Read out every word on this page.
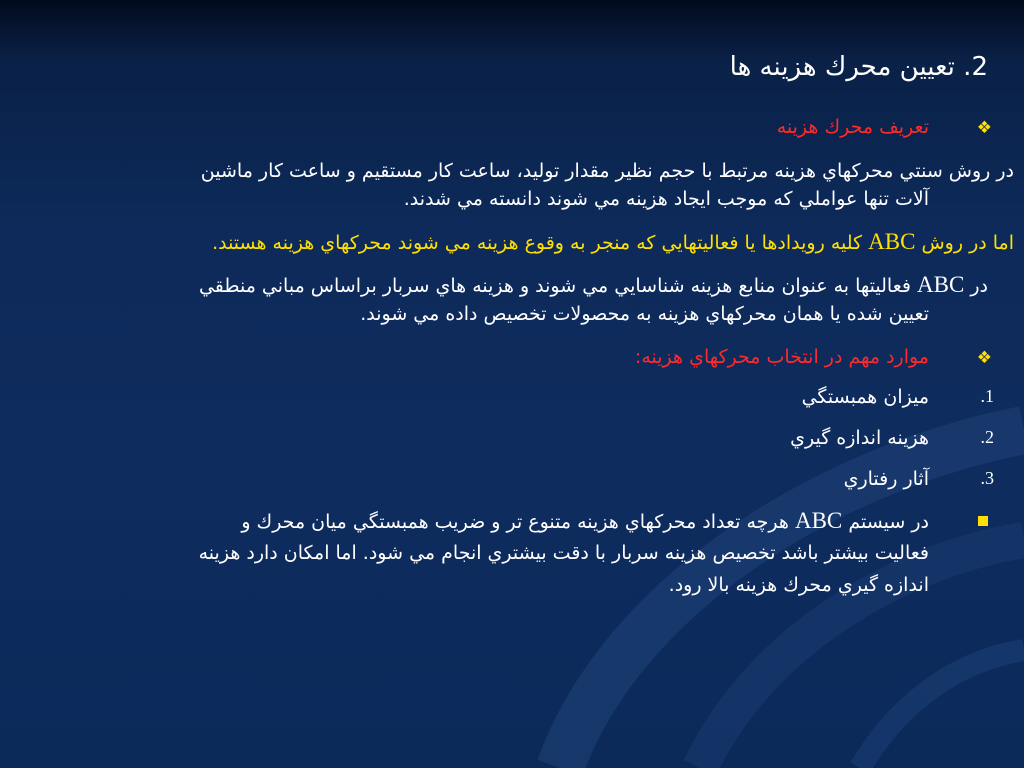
2. تعيين محرك هزينه ها
❖
تعريف محرك هزينه
در روش سنتي محركهاي هزينه مرتبط با حجم نظير مقدار توليد، ساعت كار مستقيم و ساعت كار ماشين
آلات تنها عواملي كه موجب ايجاد هزينه مي شوند دانسته مي شدند.
اما در روش ABC كليه رويدادها يا فعاليتهايي كه منجر به وقوع هزينه مي شوند محركهاي هزينه هستند.
در ABC فعاليتها به عنوان منابع هزينه شناسايي مي شوند و هزينه هاي سربار براساس مباني منطقي
تعيين شده يا همان محركهاي هزينه به محصولات تخصيص داده مي شوند.
❖
موارد مهم در انتخاب محركهاي هزينه:
1.
ميزان همبستگي
2.
هزينه اندازه گيري
3.
آثار رفتاري
در سيستم ABC هرچه تعداد محركهاي هزينه متنوع تر و ضريب همبستگي ميان محرك و
فعاليت بيشتر باشد تخصيص هزينه سربار با دقت بيشتري انجام مي شود. اما امكان دارد هزينه
اندازه گيري محرك هزينه بالا رود.
